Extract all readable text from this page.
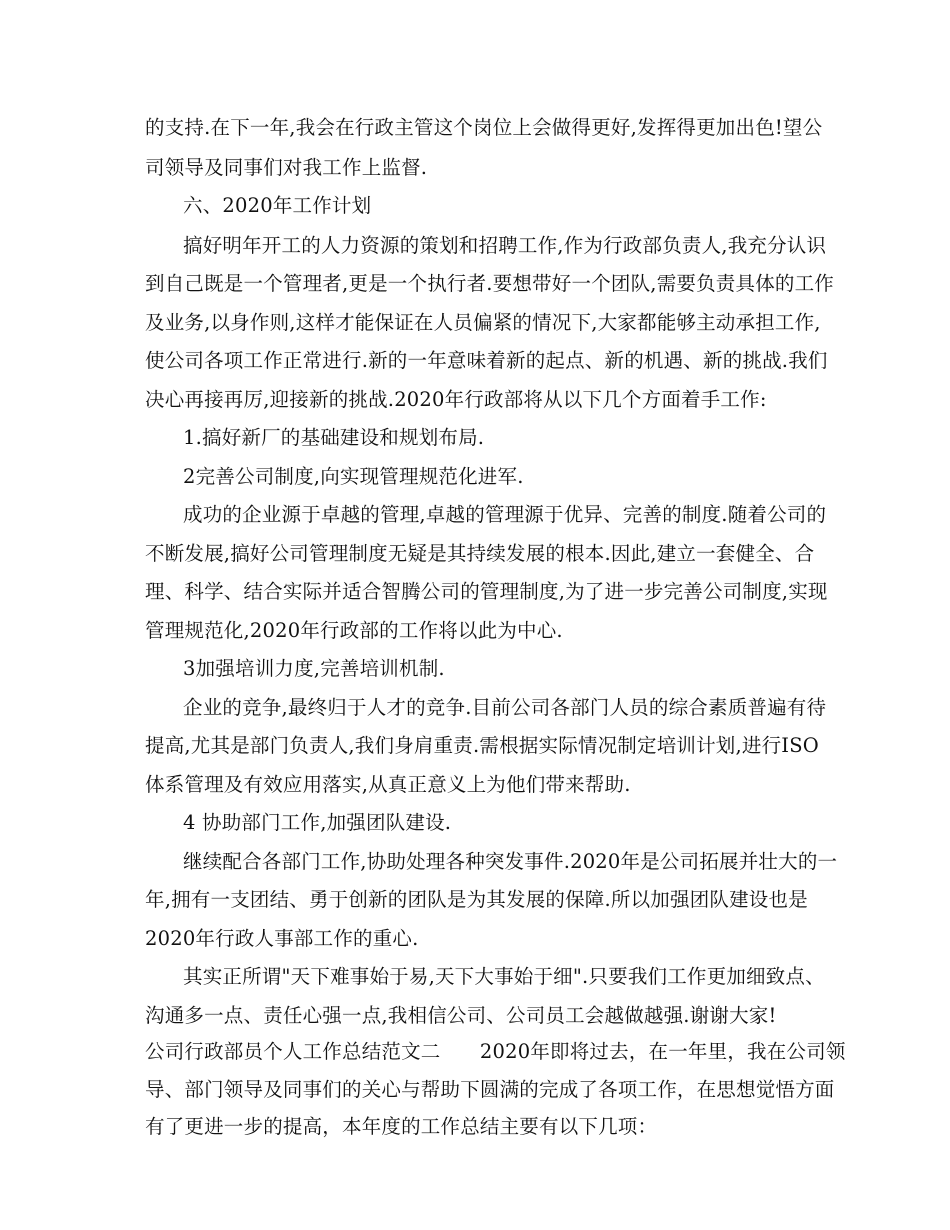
的支持.在下一年,我会在行政主管这个岗位上会做得更好,发挥得更加出色!望公
司领导及同事们对我工作上监督.
六、2020年工作计划
搞好明年开工的人力资源的策划和招聘工作,作为行政部负责人,我充分认识
到自己既是一个管理者,更是一个执行者.要想带好一个团队,需要负责具体的工作
及业务,以身作则,这样才能保证在人员偏紧的情况下,大家都能够主动承担工作,
使公司各项工作正常进行.新的一年意味着新的起点、新的机遇、新的挑战.我们
决心再接再厉,迎接新的挑战.2020年行政部将从以下几个方面着手工作:
1.搞好新厂的基础建设和规划布局.
2完善公司制度,向实现管理规范化进军.
成功的企业源于卓越的管理,卓越的管理源于优异、完善的制度.随着公司的
不断发展,搞好公司管理制度无疑是其持续发展的根本.因此,建立一套健全、合
理、科学、结合实际并适合智腾公司的管理制度,为了进一步完善公司制度,实现
管理规范化,2020年行政部的工作将以此为中心.
3加强培训力度,完善培训机制.
企业的竞争,最终归于人才的竞争.目前公司各部门人员的综合素质普遍有待
提高,尤其是部门负责人,我们身肩重责.需根据实际情况制定培训计划,进行ISO
体系管理及有效应用落实,从真正意义上为他们带来帮助.
4 协助部门工作,加强团队建设.
继续配合各部门工作,协助处理各种突发事件.2020年是公司拓展并壮大的一
年,拥有一支团结、勇于创新的团队是为其发展的保障.所以加强团队建设也是
2020年行政人事部工作的重心.
其实正所谓"天下难事始于易,天下大事始于细".只要我们工作更加细致点、
沟通多一点、责任心强一点,我相信公司、公司员工会越做越强.谢谢大家!
公司行政部员个人工作总结范文二　　2020年即将过去，在一年里，我在公司领
导、部门领导及同事们的关心与帮助下圆满的完成了各项工作，在思想觉悟方面
有了更进一步的提高，本年度的工作总结主要有以下几项：
